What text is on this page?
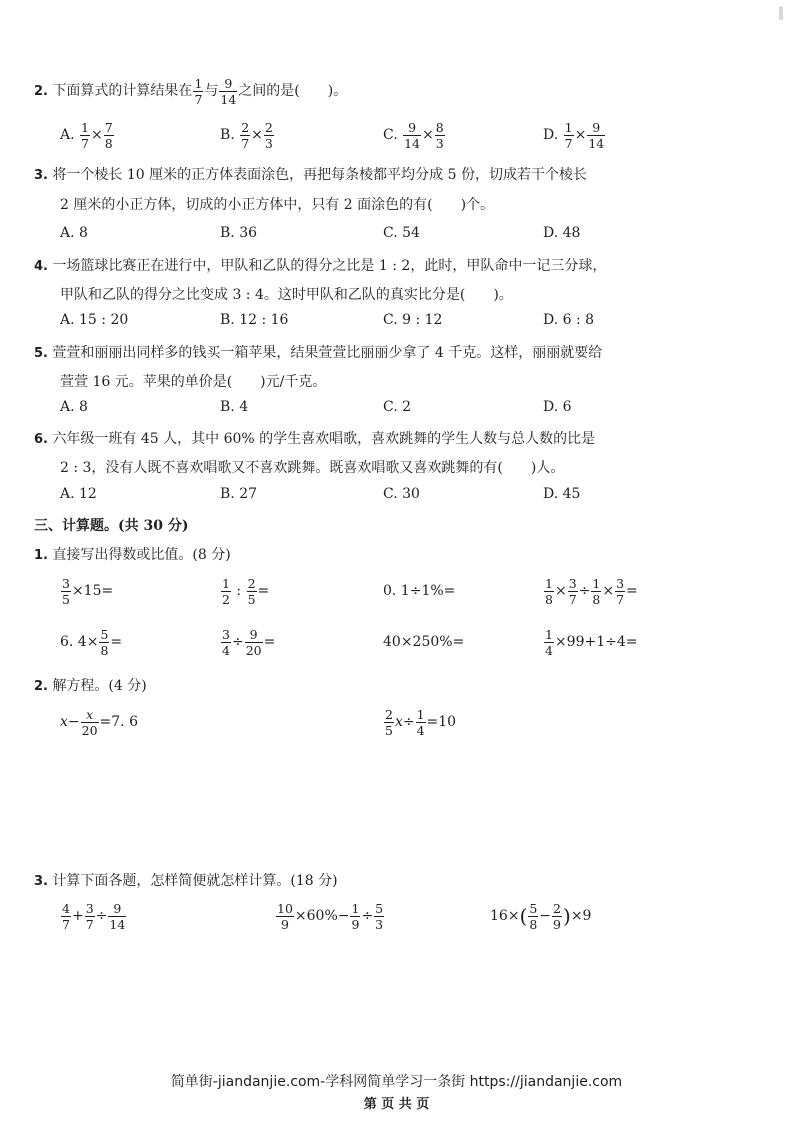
2. 下面算式的计算结果在 $\frac{1}{7}$ 与 $\frac{9}{14}$ 之间的是(　　)。
A. $\frac{1}{7} \times \frac{7}{8}$	B. $\frac{2}{7} \times \frac{2}{3}$	C. $\frac{9}{14} \times \frac{8}{3}$	D. $\frac{1}{7} \times \frac{9}{14}$
3. 将一个棱长 10 厘米的正方体表面涂色，再把每条棱都平均分成 5 份，切成若干个棱长
2 厘米的小正方体，切成的小正方体中，只有 2 面涂色的有(　　)个。
A. 8	B. 36	C. 54	D. 48
4. 一场篮球比赛正在进行中，甲队和乙队的得分之比是 1 : 2，此时，甲队命中一记三分球，
甲队和乙队的得分之比变成 3 : 4。这时甲队和乙队的真实比分是(　　)。
A. 15 : 20	B. 12 : 16	C. 9 : 12	D. 6 : 8
5. 萱萱和丽丽出同样多的钱买一箱苹果，结果萱萱比丽丽少拿了 4 千克。这样，丽丽就要给
萱萱 16 元。苹果的单价是(　　)元/千克。
A. 8	B. 4	C. 2	D. 6
6. 六年级一班有 45 人，其中 60% 的学生喜欢唱歌，喜欢跳舞的学生人数与总人数的比是
2 : 3，没有人既不喜欢唱歌又不喜欢跳舞。既喜欢唱歌又喜欢跳舞的有(　　)人。
A. 12	B. 27	C. 30	D. 45
三、计算题。(共 30 分)
1. 直接写出得数或比值。(8 分)
$\frac{3}{5} \times 15=$	$\frac{1}{2}$ : $\frac{2}{5}$ =	0. 1÷1%=	$\frac{1}{8} \times \frac{3}{7} \div \frac{1}{8} \times \frac{3}{7}$ =
6. $4\times \frac{5}{8}$ =	$\frac{3}{4} \div \frac{9}{20}$ =	40×250%=	$\frac{1}{4} \times 99+1\div 4=$
2. 解方程。(4 分)
$x- \frac{x}{20} =7$. 6	$\frac{2}{5} x\div \frac{1}{4} =10$
3. 计算下面各题，怎样简便就怎样计算。(18 分)
$\frac{4}{7} + \frac{3}{7} \div \frac{9}{14}$	$\frac{10}{9} \times 60\%- \frac{1}{9} \div \frac{5}{3}$	$16\times( \frac{5}{8} - \frac{2}{9} )\times 9$
简单街-jiandanjie.com-学科网简单学习一条街 https://jiandanjie.com
第 页 共 页
